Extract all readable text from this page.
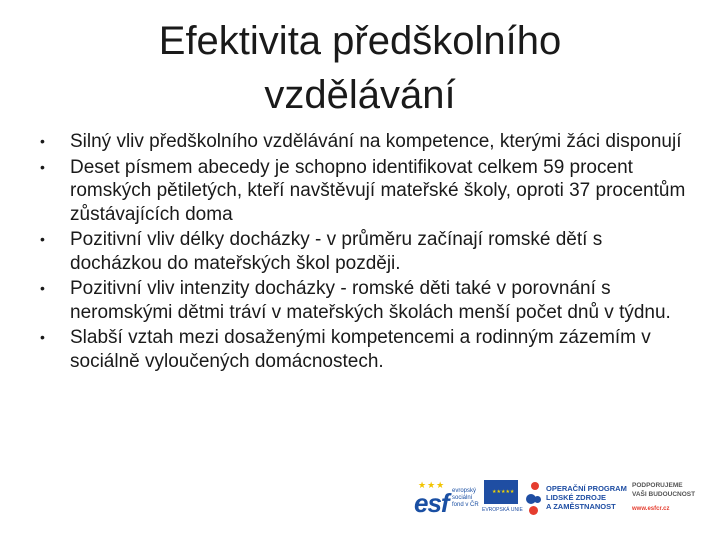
Efektivita předškolního
vzdělávání
• Silný vliv předškolního vzdělávání na kompetence, kterými žáci disponují
• Deset písmem abecedy je schopno identifikovat celkem 59 procent romských pětiletých, kteří navštěvují mateřské školy, oproti 37 procentům zůstávajících doma
• Pozitivní vliv délky docházky - v průměru začínají romské dětí s docházkou do mateřských škol později.
• Pozitivní vliv intenzity docházky - romské děti také v porovnání s neromskými dětmi tráví v mateřských školách menší počet dnů v týdnu.
• Slabší vztah mezi dosaženými kompetencemi a rodinným zázemím v sociálně vyloučených domácnostech.
★★★
esf evropský sociální fond v ČR
★★★★★
EVROPSKÁ UNIE
OPERAČNÍ PROGRAM
LIDSKÉ ZDROJE
A ZAMĚSTNANOST
PODPORUJEME
VAŠI BUDOUCNOST
www.esfcr.cz
